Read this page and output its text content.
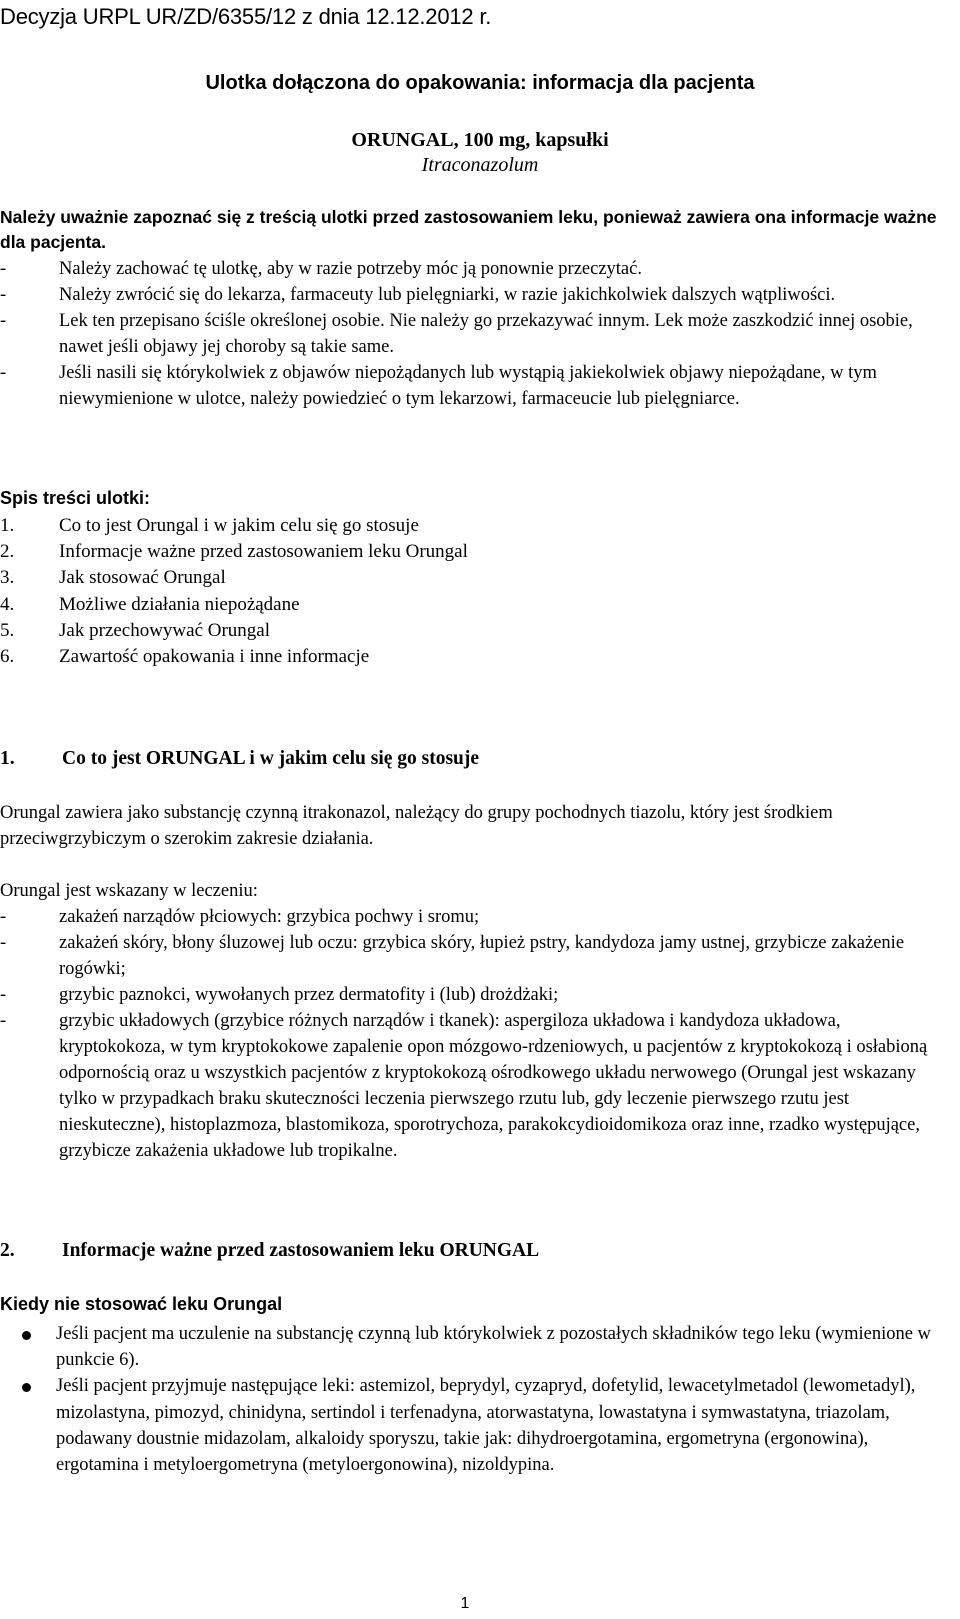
Decyzja URPL UR/ZD/6355/12 z dnia 12.12.2012 r.
Ulotka dołączona do opakowania: informacja dla pacjenta
ORUNGAL, 100 mg, kapsułki
Itraconazolum
Należy uważnie zapoznać się z treścią ulotki przed zastosowaniem leku, ponieważ zawiera ona informacje ważne dla pacjenta.
-	Należy zachować tę ulotkę, aby w razie potrzeby móc ją ponownie przeczytać.
-	Należy zwrócić się do lekarza, farmaceuty lub pielęgniarki, w razie jakichkolwiek dalszych wątpliwości.
-	Lek ten przepisano ściśle określonej osobie. Nie należy go przekazywać innym. Lek może zaszkodzić innej osobie, nawet jeśli objawy jej choroby są takie same.
-	Jeśli nasili się którykolwiek z objawów niepożądanych lub wystąpią jakiekolwiek objawy niepożądane, w tym niewymienione w ulotce, należy powiedzieć o tym lekarzowi, farmaceucie lub pielęgniarce.
Spis treści ulotki:
1. Co to jest Orungal i w jakim celu się go stosuje
2. Informacje ważne przed zastosowaniem leku Orungal
3. Jak stosować Orungal
4. Możliwe działania niepożądane
5. Jak przechowywać Orungal
6. Zawartość opakowania i inne informacje
1. Co to jest ORUNGAL i w jakim celu się go stosuje

Orungal zawiera jako substancję czynną itrakonazol, należący do grupy pochodnych tiazolu, który jest środkiem przeciwgrzybiczym o szerokim zakresie działania.

Orungal jest wskazany w leczeniu:

-	zakażeń narządów płciowych: grzybica pochwy i sromu;
-	zakażeń skóry, błony śluzowej lub oczu: grzybica skóry, łupież pstry, kandydoza jamy ustnej, grzybicze zakażenie rogówki;
-	grzybic paznokci, wywołanych przez dermatofity i (lub) drożdżaki;
-	grzybic układowych (grzybice różnych narządów i tkanek): aspergiloza układowa i kandydoza układowa, kryptokokoza, w tym kryptokokowe zapalenie opon mózgowo-rdzeniowych, u pacjentów z kryptokokozą i osłabioną odpornością oraz u wszystkich pacjentów z kryptokokozą ośrodkowego układu nerwowego (Orungal jest wskazany tylko w przypadkach braku skuteczności leczenia pierwszego rzutu lub, gdy leczenie pierwszego rzutu jest nieskuteczne), histoplazmoza, blastomikoza, sporotrychoza, parakokcydioidomikoza oraz inne, rzadko występujące, grzybicze zakażenia układowe lub tropikalne.
2. Informacje ważne przed zastosowaniem leku ORUNGAL
Kiedy nie stosować leku Orungal
Jeśli pacjent ma uczulenie na substancję czynną lub którykolwiek z pozostałych składników tego leku (wymienione w punkcie 6).
Jeśli pacjent przyjmuje następujące leki: astemizol, beprydyl, cyzapryd, dofetylid, lewacetylmetadol (lewometadyl), mizolastyna, pimozyd, chinidyna, sertindol i terfenadyna, atorwastatyna, lowastatyna i symwastatyna, triazolam, podawany doustnie midazolam, alkaloidy sporyszu, takie jak: dihydroergotamina, ergometryna (ergonowina), ergotamina i metyloergometryna (metyloergonowina), nizoldypina.
1
